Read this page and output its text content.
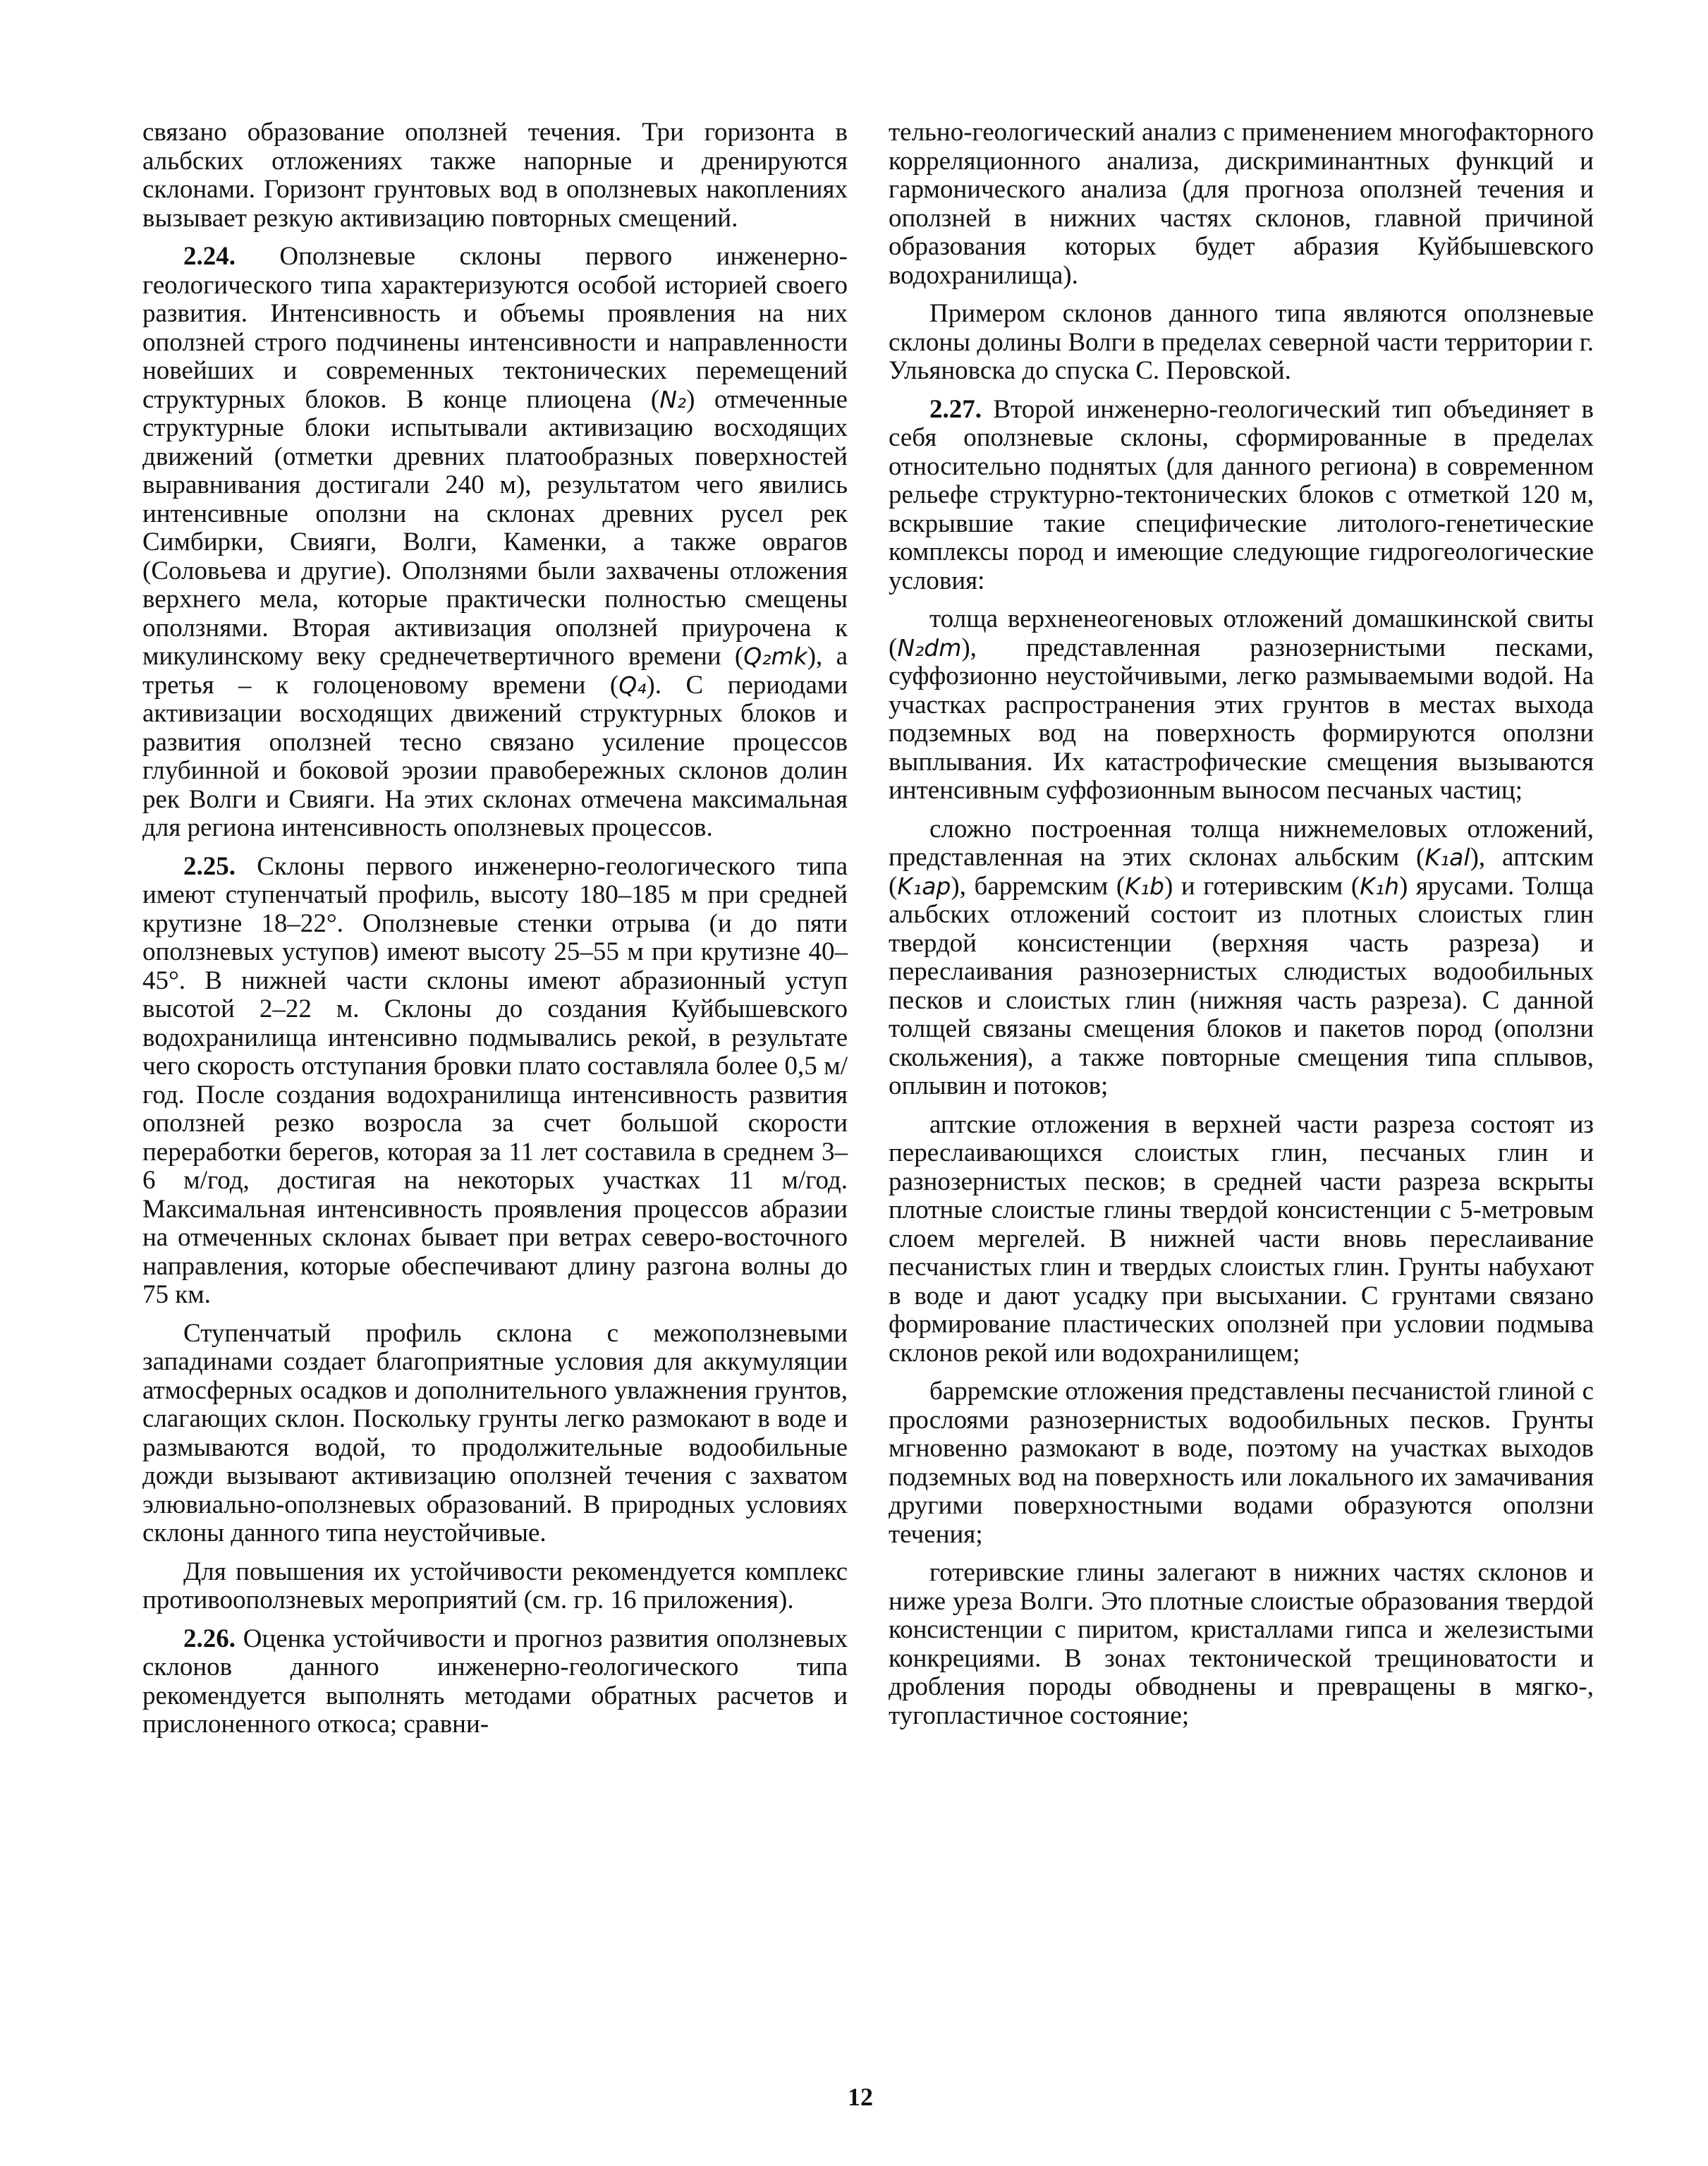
связано образование оползней течения. Три горизонта в альбских отложениях также напорные и дренируются склонами. Горизонт грунтовых вод в оползневых накоплениях вызывает резкую активизацию повторных смещений.

2.24. Оползневые склоны первого инженерно-геологического типа характеризуются особой историей своего развития. Интенсивность и объемы проявления на них оползней строго подчинены интенсивности и направленности новейших и современных тектонических перемещений структурных блоков. В конце плиоцена (N₂) отмеченные структурные блоки испытывали активизацию восходящих движений (отметки древних платообразных поверхностей выравнивания достигали 240 м), результатом чего явились интенсивные оползни на склонах древних русел рек Симбирки, Свияги, Волги, Каменки, а также оврагов (Соловьева и другие). Оползнями были захвачены отложения верхнего мела, которые практически полностью смещены оползнями. Вторая активизация оползней приурочена к микулинскому веку среднечетвертичного времени (Q₂mk), а третья – к голоценовому времени (Q₄). С периодами активизации восходящих движений структурных блоков и развития оползней тесно связано усиление процессов глубинной и боковой эрозии правобережных склонов долин рек Волги и Свияги. На этих склонах отмечена максимальная для региона интенсивность оползневых процессов.

2.25. Склоны первого инженерно-геологического типа имеют ступенчатый профиль, высоту 180–185 м при средней крутизне 18–22°. Оползневые стенки отрыва (и до пяти оползневых уступов) имеют высоту 25–55 м при крутизне 40–45°. В нижней части склоны имеют абразионный уступ высотой 2–22 м. Склоны до создания Куйбышевского водохранилища интенсивно подмывались рекой, в результате чего скорость отступания бровки плато составляла более 0,5 м/год. После создания водохранилища интенсивность развития оползней резко возросла за счет большой скорости переработки берегов, которая за 11 лет составила в среднем 3–6 м/год, достигая на некоторых участках 11 м/год. Максимальная интенсивность проявления процессов абразии на отмеченных склонах бывает при ветрах северо-восточного направления, которые обеспечивают длину разгона волны до 75 км.

Ступенчатый профиль склона с межоползневыми западинами создает благоприятные условия для аккумуляции атмосферных осадков и дополнительного увлажнения грунтов, слагающих склон. Поскольку грунты легко размокают в воде и размываются водой, то продолжительные водообильные дожди вызывают активизацию оползней течения с захватом элювиально-оползневых образований. В природных условиях склоны данного типа неустойчивые.

Для повышения их устойчивости рекомендуется комплекс противооползневых мероприятий (см. гр. 16 приложения).

2.26. Оценка устойчивости и прогноз развития оползневых склонов данного инженерно-геологического типа рекомендуется выполнять методами обратных расчетов и прислоненного откоса; сравни-

тельно-геологический анализ с применением многофакторного корреляционного анализа, дискриминантных функций и гармонического анализа (для прогноза оползней течения и оползней в нижних частях склонов, главной причиной образования которых будет абразия Куйбышевского водохранилища).

Примером склонов данного типа являются оползневые склоны долины Волги в пределах северной части территории г. Ульяновска до спуска С. Перовской.

2.27. Второй инженерно-геологический тип объединяет в себя оползневые склоны, сформированные в пределах относительно поднятых (для данного региона) в современном рельефе структурно-тектонических блоков с отметкой 120 м, вскрывшие такие специфические литолого-генетические комплексы пород и имеющие следующие гидрогеологические условия:

толща верхненеогеновых отложений домашкинской свиты (N₂dm), представленная разнозернистыми песками, суффозионно неустойчивыми, легко размываемыми водой. На участках распространения этих грунтов в местах выхода подземных вод на поверхность формируются оползни выплывания. Их катастрофические смещения вызываются интенсивным суффозионным выносом песчаных частиц;

сложно построенная толща нижнемеловых отложений, представленная на этих склонах альбским (K₁al), аптским (K₁ap), барремским (K₁b) и готеривским (K₁h) ярусами. Толща альбских отложений состоит из плотных слоистых глин твердой консистенции (верхняя часть разреза) и переслаивания разнозернистых слюдистых водообильных песков и слоистых глин (нижняя часть разреза). С данной толщей связаны смещения блоков и пакетов пород (оползни скольжения), а также повторные смещения типа сплывов, оплывин и потоков;

аптские отложения в верхней части разреза состоят из переслаивающихся слоистых глин, песчаных глин и разнозернистых песков; в средней части разреза вскрыты плотные слоистые глины твердой консистенции с 5-метровым слоем мергелей. В нижней части вновь переслаивание песчанистых глин и твердых слоистых глин. Грунты набухают в воде и дают усадку при высыхании. С грунтами связано формирование пластических оползней при условии подмыва склонов рекой или водохранилищем;

барремские отложения представлены песчанистой глиной с прослоями разнозернистых водообильных песков. Грунты мгновенно размокают в воде, поэтому на участках выходов подземных вод на поверхность или локального их замачивания другими поверхностными водами образуются оползни течения;

готеривские глины залегают в нижних частях склонов и ниже уреза Волги. Это плотные слоистые образования твердой консистенции с пиритом, кристаллами гипса и железистыми конкрециями. В зонах тектонической трещиноватости и дробления породы обводнены и превращены в мягко-, тугопластичное состояние;

12
